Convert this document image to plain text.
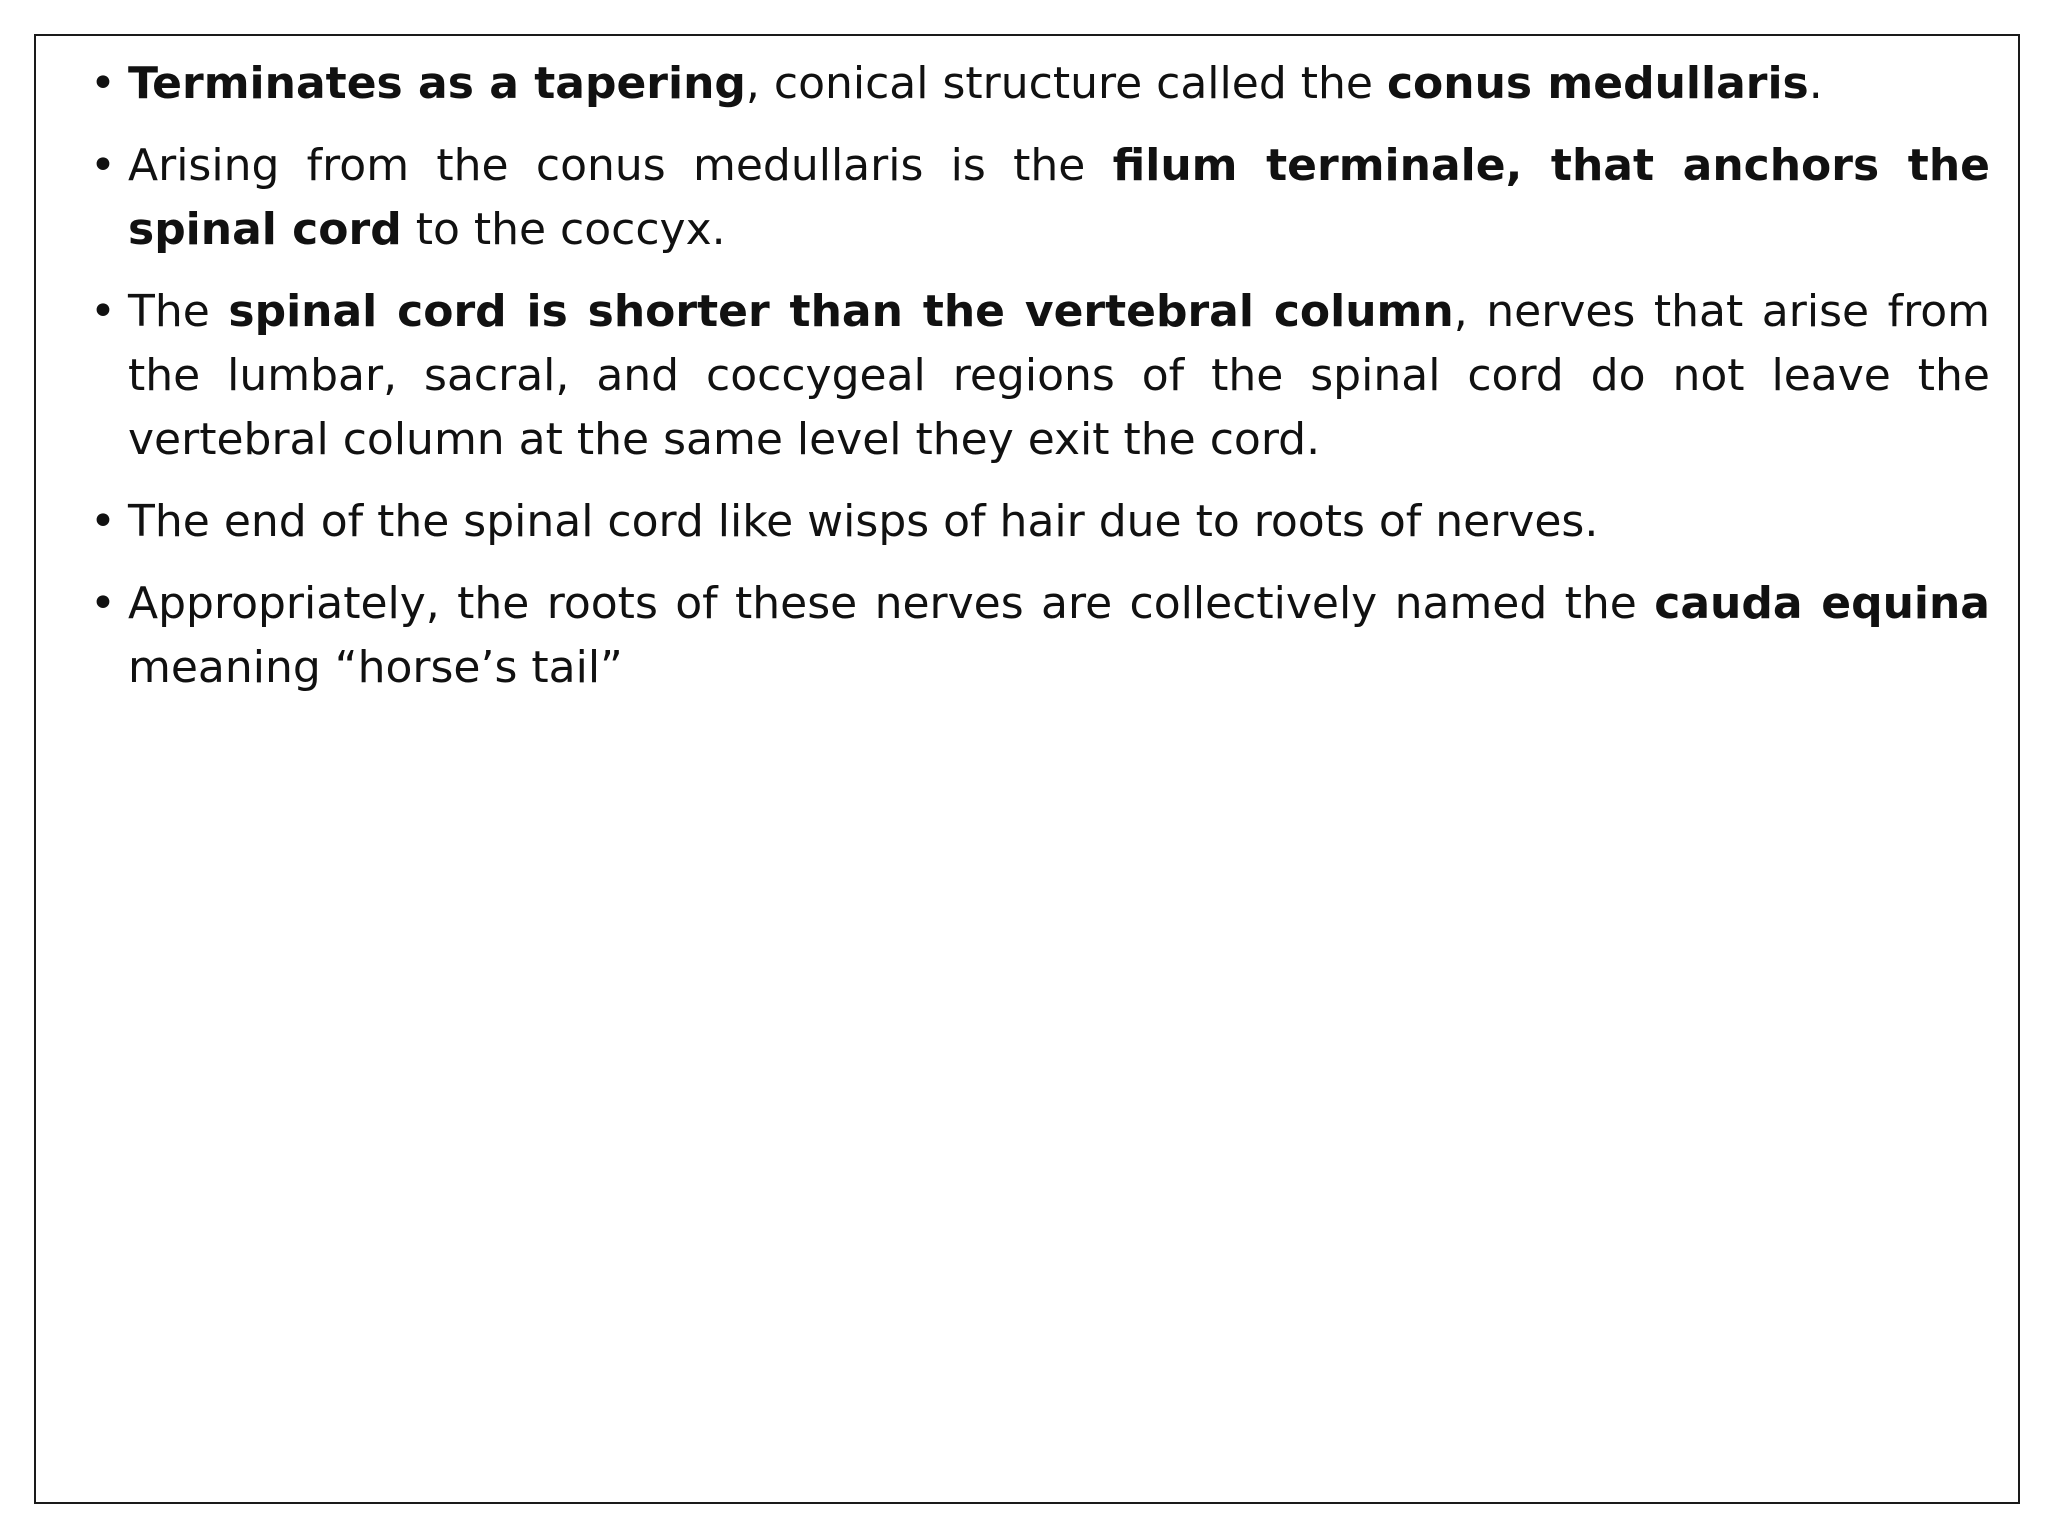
• Terminates as a tapering, conical structure called the conus medullaris.
• Arising from the conus medullaris is the filum terminale, that anchors the spinal cord to the coccyx.
• The spinal cord is shorter than the vertebral column, nerves that arise from the lumbar, sacral, and coccygeal regions of the spinal cord do not leave the vertebral column at the same level they exit the cord.
• The end of the spinal cord like wisps of hair due to roots of nerves.
• Appropriately, the roots of these nerves are collectively named the cauda equina meaning “horse’s tail”
